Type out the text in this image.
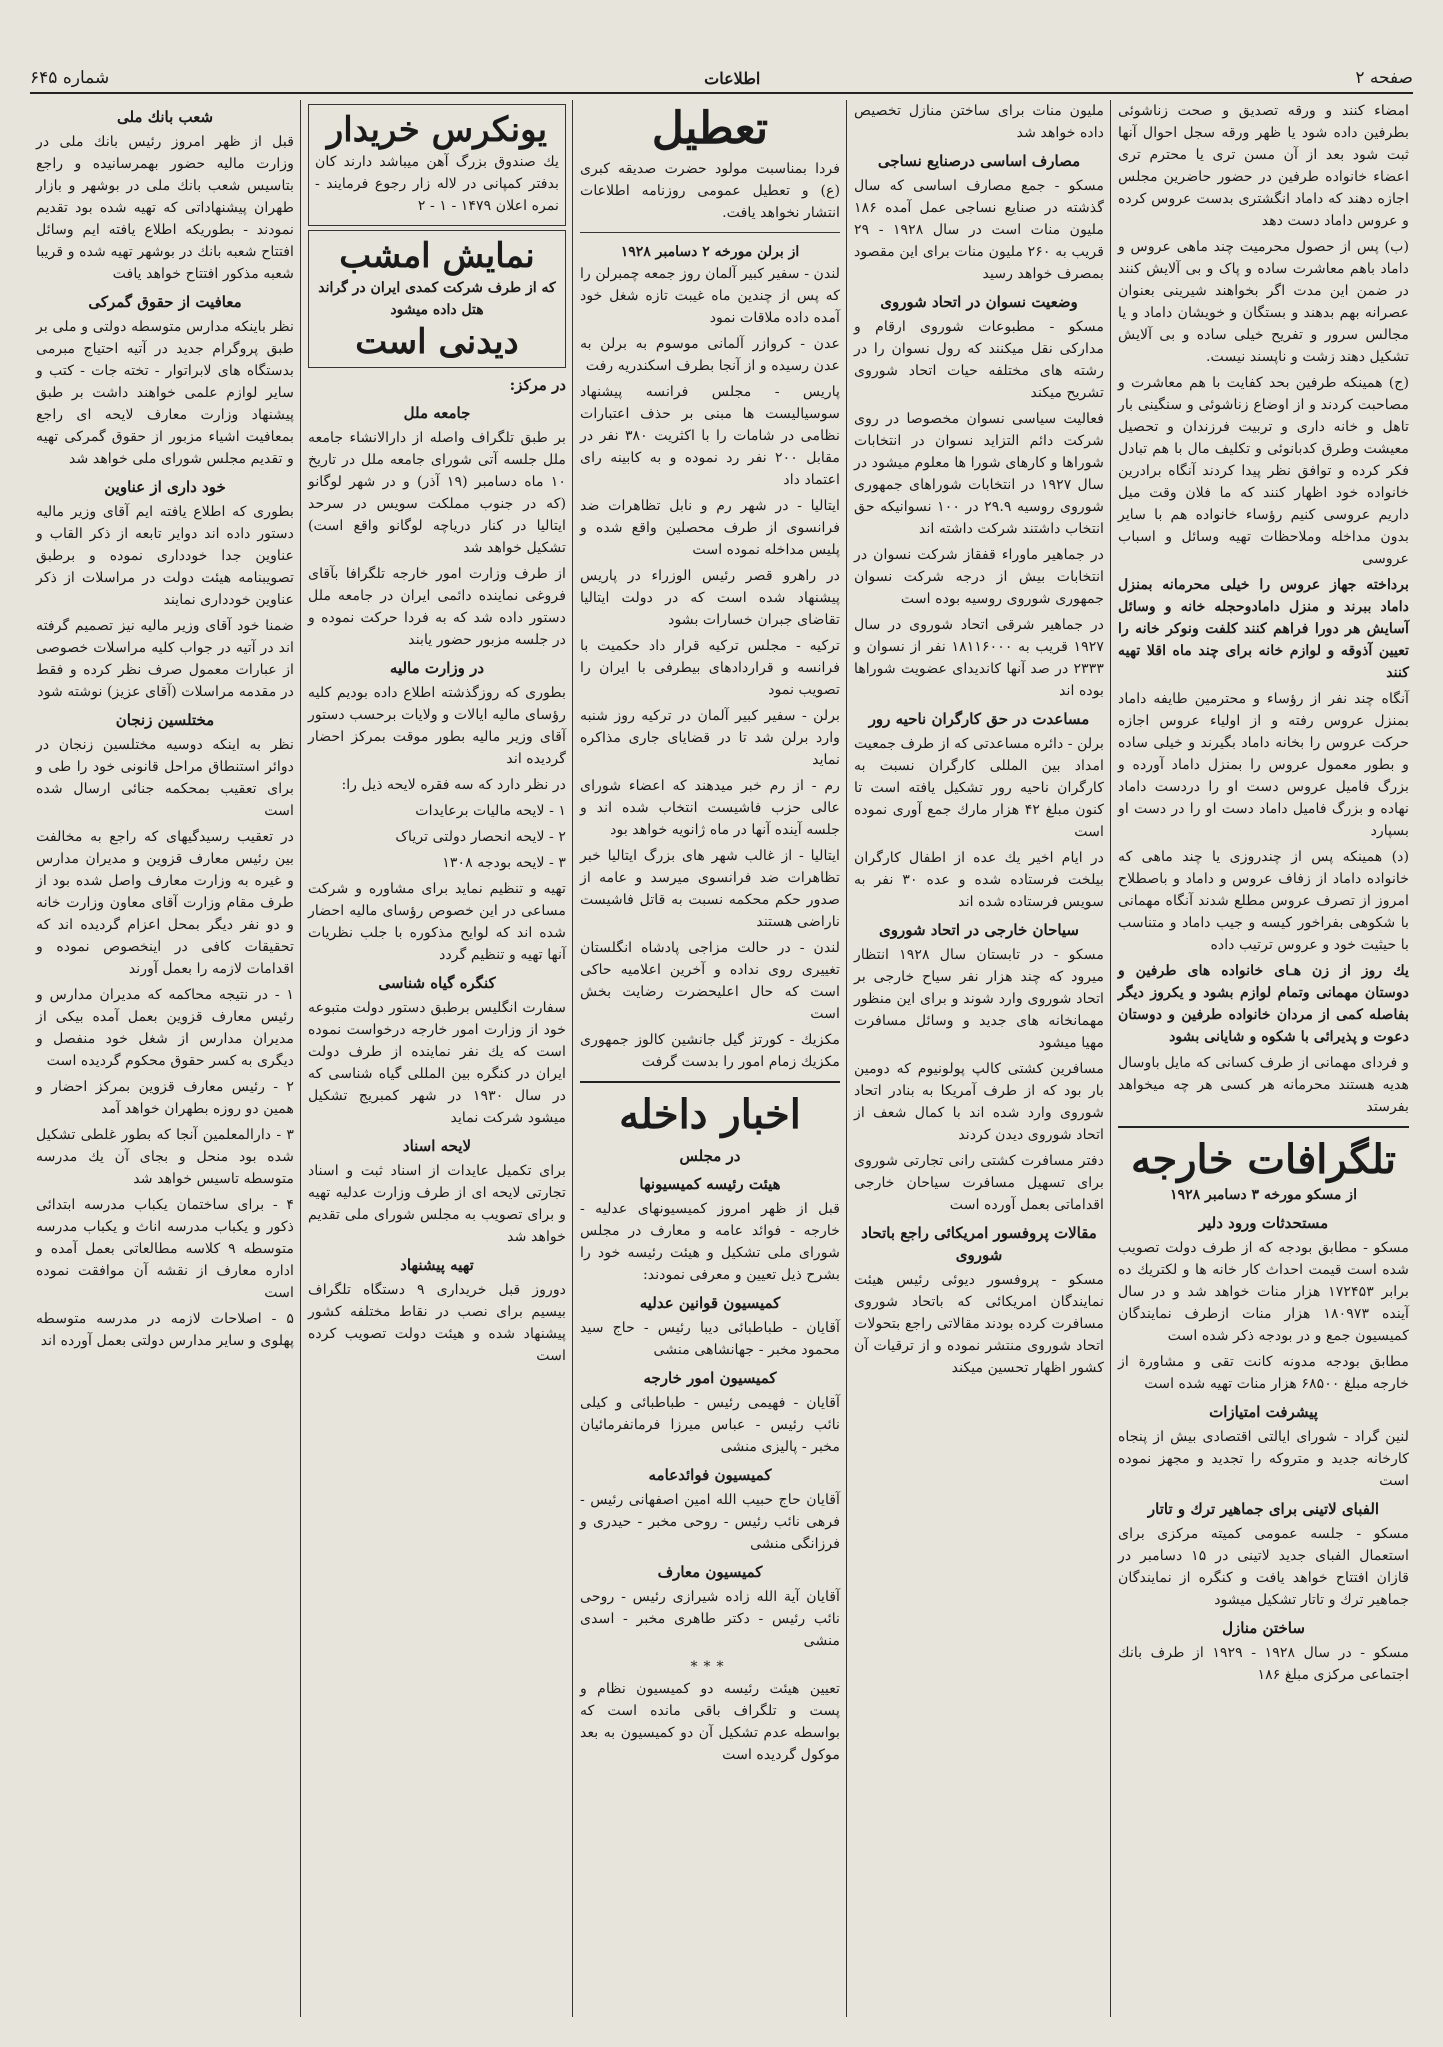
صفحه ۲
اطلاعات
شماره ۶۴۵

امضاء کنند و ورقه تصدیق و صحت زناشوئی بطرفین داده شود یا ظهر ورقه سجل احوال آنها ثبت شود بعد از آن مسن تری یا محترم تری اعضاء خانواده طرفین در حضور حاضرین مجلس اجازه دهند که داماد انگشتری بدست عروس کرده و عروس داماد دست دهد

(ب) پس از حصول محرمیت چند ماهی عروس و داماد باهم معاشرت ساده و پاک و بی آلایش کنند در ضمن این مدت اگر بخواهند شیرینی بعنوان عصرانه بهم بدهند و بستگان و خویشان داماد و یا مجالس سرور و تفریح خیلی ساده و بی آلایش تشکیل دهند زشت و ناپسند نیست.

(ج) همینکه طرفین بحد کفایت با هم معاشرت و مصاحبت کردند و از اوضاع زناشوئی و سنگینی بار تاهل و خانه داری و تربیت فرزندان و تحصیل معیشت وطرق کدبانوئی و تکلیف مال با هم تبادل فکر کرده و توافق نظر پیدا کردند آنگاه برادرین خانواده خود اظهار کنند که ما فلان وقت میل داریم عروسی کنیم رؤساء خانواده هم با سایر بدون مداخله وملاحظات تهیه وسائل و اسباب عروسی

برداخته جهاز عروس را خیلی محرمانه بمنزل داماد ببرند و منزل دامادوحجله خانه و وسائل آسایش هر دورا فراهم کنند کلفت ونوکر خانه را تعیین آذوقه و لوازم خانه برای چند ماه اقلا تهیه کنند

آنگاه چند نفر از رؤساء و محترمین طایفه داماد بمنزل عروس رفته و از اولیاء عروس اجازه حرکت عروس را بخانه داماد بگیرند و خیلی ساده و بطور معمول عروس را بمنزل داماد آورده و بزرگ فامیل عروس دست او را دردست داماد نهاده و بزرگ فامیل داماد دست او را در دست او بسپارد

(د) همینکه پس از چندروزی یا چند ماهی که خانواده داماد از زفاف عروس و داماد و باصطلاح امروز از تصرف عروس مطلع شدند آنگاه مهمانی با شکوهی بفراخور کیسه و جیب داماد و متناسب با حیثیت خود و عروس ترتیب داده

یك روز از زن هـای خانواده های طرفین و دوستان مهمانی وتمام لوازم بشود و یکروز دیگر بفاصله کمی از مردان خانواده طرفین و دوستان دعوت و پذیرائی با شکوه و شایانی بشود

و فردای مهمانی از طرف کسانی که مایل باوسال هدیه هستند محرمانه هر کسی هر چه میخواهد بفرستد

تلگرافات خارجه
از مسکو مورخه ۳ دسامبر ۱۹۲۸
مستحدثات ورود دلیر

مسکو - مطابق بودجه که از طرف دولت تصویب شده است قیمت احداث کار خانه ها و لکتریك ده برابر ۱۷۲۴۵۳ هزار منات خواهد شد و در سال آینده ۱۸۰۹۷۳ هزار منات ازطرف نمایندگان کمیسیون جمع و در بودجه ذکر شده است

مطابق بودجه مدونه کانت تقی و مشاورة از خارجه مبلغ ۶۸۵۰۰ هزار منات تهیه شده است

پیشرفت امتیازات

لنین گراد - شورای ایالتی اقتصادی بیش از پنجاه کارخانه جدید و متروکه را تجدید و مجهز نموده است

الفبای لاتینی برای جماهیر ترك و تاتار

مسکو - جلسه عمومی کمیته مرکزی برای استعمال الفبای جدید لاتینی در ۱۵ دسامبر در قازان افتتاح خواهد یافت و کنگره از نمایندگان جماهیر ترك و تاتار تشکیل میشود

ساختن منازل

مسکو - در سال ۱۹۲۸ - ۱۹۲۹ از طرف بانك اجتماعی مرکزی مبلغ ۱۸۶

ملیون منات برای ساختن منازل تخصیص داده خواهد شد

مصارف اساسی درصنایع نساجی

مسکو - جمع مصارف اساسی که سال گذشته در صنایع نساجی عمل آمده ۱۸۶ ملیون منات است در سال ۱۹۲۸ - ۲۹ قریب به ۲۶۰ ملیون منات برای این مقصود بمصرف خواهد رسید

وضعیت نسوان در اتحاد شوروی

مسکو - مطبوعات شوروی ارقام و مدارکی نقل میکنند که رول نسوان را در رشته های مختلفه حیات اتحاد شوروی تشریح میکند

فعالیت سیاسی نسوان مخصوصا در روی شرکت دائم التزاید نسوان در انتخابات شوراها و کارهای شورا ها معلوم میشود در سال ۱۹۲۷ در انتخابات شوراهای جمهوری شوروی روسیه ۲۹.۹ در ۱۰۰ نسوانیکه حق انتخاب داشتند شرکت داشته اند

در جماهیر ماوراء قفقاز شرکت نسوان در انتخابات بیش از درجه شرکت نسوان جمهوری شوروی روسیه بوده است

در جماهیر شرقی اتحاد شوروی در سال ۱۹۲۷ قریب به ۱۸۱۱۶۰۰۰ نفر از نسوان و ۲۳۳۳ در صد آنها کاندیدای عضویت شوراها بوده اند

مساعدت در حق کارگران ناحیه رور

برلن - دائره مساعدتی که از طرف جمعیت امداد بین المللی کارگران نسبت به کارگران ناحیه رور تشکیل یافته است تا کنون مبلغ ۴۲ هزار مارك جمع آوری نموده است

در ایام اخیر یك عده از اطفال کارگران بیلخت فرستاده شده و عده ۳۰ نفر به سویس فرستاده شده اند

سیاحان خارجی در اتحاد شوروی

مسکو - در تابستان سال ۱۹۲۸ انتظار میرود که چند هزار نفر سیاح خارجی بر اتحاد شوروی وارد شوند و برای این منظور مهمانخانه های جدید و وسائل مسافرت مهیا میشود

مسافرین کشتی کالپ پولونیوم که دومین بار بود که از طرف آمریکا به بنادر اتحاد شوروی وارد شده اند با کمال شعف از اتحاد شوروی دیدن کردند

دفتر مسافرت کشتی رانی تجارتی شوروی برای تسهیل مسافرت سیاحان خارجی اقداماتی بعمل آورده است

مقالات پروفسور امریکائی راجع باتحاد شوروی

مسکو - پروفسور دیوئی رئیس هیئت نمایندگان امریکائی که باتحاد شوروی مسافرت کرده بودند مقالاتی راجع بتحولات اتحاد شوروی منتشر نموده و از ترقیات آن کشور اظهار تحسین میکند

تعطیل

فردا بمناسبت مولود حضرت صدیقه کبری (ع) و تعطیل عمومی روزنامه اطلاعات انتشار نخواهد یافت.

از برلن مورخه ۲ دسامبر ۱۹۲۸

لندن - سفیر کبیر آلمان روز جمعه چمبرلن را که پس از چندین ماه غیبت تازه شغل خود آمده داده ملاقات نمود

عدن - کروازر آلمانی موسوم به برلن به عدن رسیده و از آنجا بطرف اسکندریه رفت

پاریس - مجلس فرانسه پیشنهاد سوسیالیست ها مبنی بر حذف اعتبارات نظامی در شامات را با اکثریت ۳۸۰ نفر در مقابل ۲۰۰ نفر رد نموده و به کابینه رای اعتماد داد

ایتالیا - در شهر رم و نابل تظاهرات ضد فرانسوی از طرف محصلین واقع شده و پلیس مداخله نموده است

در راهرو قصر رئیس الوزراء در پاریس پیشنهاد شده است که در دولت ایتالیا تقاضای جبران خسارات بشود

ترکیه - مجلس ترکیه قرار داد حکمیت با فرانسه و قراردادهای بیطرفی با ایران را تصویب نمود

برلن - سفیر کبیر آلمان در ترکیه روز شنبه وارد برلن شد تا در قضایای جاری مذاکره نماید

رم - از رم خبر میدهند که اعضاء شورای عالی حزب فاشیست انتخاب شده اند و جلسه آینده آنها در ماه ژانویه خواهد بود

ایتالیا - از غالب شهر های بزرگ ایتالیا خبر تظاهرات ضد فرانسوی میرسد و عامه از صدور حکم محکمه نسبت به قاتل فاشیست ناراضی هستند

لندن - در حالت مزاجی پادشاه انگلستان تغییری روی نداده و آخرین اعلامیه حاکی است که حال اعلیحضرت رضایت بخش است

مکزیك - کورتز گیل جانشین کالوز جمهوری مکزیك زمام امور را بدست گرفت

اخبار داخله
در مجلس
هیئت رئیسه کمیسیونها

قبل از ظهر امروز کمیسیونهای عدلیه - خارجه - فوائد عامه و معارف در مجلس شورای ملی تشکیل و هیئت رئیسه خود را بشرح ذیل تعیین و معرفی نمودند:

کمیسیون قوانین عدلیه

آقایان - طباطبائی دیبا رئیس - حاج سید محمود مخبر - جهانشاهی منشی

کمیسیون امور خارجه

آقایان - فهیمی رئیس - طباطبائی و کیلی نائب رئیس - عباس میرزا فرمانفرمائیان مخبر - پالیزی منشی

کمیسیون فوائدعامه

آقایان حاج حبیب الله امین اصفهانی رئیس - فرهی نائب رئیس - روحی مخبر - حیدری و فرزانگی منشی

کمیسیون معارف

آقایان آیة الله زاده شیرازی رئیس - روحی نائب رئیس - دکتر طاهری مخبر - اسدی منشی

***

تعیین هیئت رئیسه دو کمیسیون نظام و پست و تلگراف باقی مانده است که بواسطه عدم تشکیل آن دو کمیسیون به بعد موکول گردیده است

یونکرس خریدار

یك صندوق بزرگ آهن میباشد دارند کان بدفتر کمپانی در لاله زار رجوع فرمایند - نمره اعلان ۱۴۷۹ - ۱ - ۲

نمایش امشب
که از طرف شرکت کمدی ایران در گراند هتل داده میشود
دیدنی است
در مرکز:
جامعه ملل

بر طبق تلگراف واصله از دارالانشاء جامعه ملل جلسه آتی شورای جامعه ملل در تاریخ ۱۰ ماه دسامبر (۱۹ آذر) و در شهر لوگانو (که در جنوب مملکت سویس در سرحد ایتالیا در کنار دریاچه لوگانو واقع است) تشکیل خواهد شد

از طرف وزارت امور خارجه تلگرافا بآقای فروغی نماینده دائمی ایران در جامعه ملل دستور داده شد که به فردا حرکت نموده و در جلسه مزبور حضور یابند

در وزارت مالیه

بطوری که روزگذشته اطلاع داده بودیم کلیه رؤسای مالیه ایالات و ولایات برحسب دستور آقای وزیر مالیه بطور موقت بمرکز احضار گردیده اند

در نظر دارد که سه فقره لایحه ذیل را:

۱ - لایحه مالیات برعایدات

۲ - لایحه انحصار دولتی تریاک

۳ - لایحه بودجه ۱۳۰۸

تهیه و تنظیم نماید برای مشاوره و شرکت مساعی در این خصوص رؤسای مالیه احضار شده اند که لوایح مذکوره با جلب نظریات آنها تهیه و تنظیم گردد

کنگره گیاه شناسی

سفارت انگلیس برطبق دستور دولت متبوعه خود از وزارت امور خارجه درخواست نموده است که یك نفر نماینده از طرف دولت ایران در کنگره بین المللی گیاه شناسی که در سال ۱۹۳۰ در شهر کمبریج تشکیل میشود شرکت نماید

لایحه اسناد

برای تکمیل عایدات از اسناد ثبت و اسناد تجارتی لایحه ای از طرف وزارت عدلیه تهیه و برای تصویب به مجلس شورای ملی تقدیم خواهد شد

تهیه پیشنهاد

دوروز قبل خریداری ۹ دستگاه تلگراف بیسیم برای نصب در نقاط مختلفه کشور پیشنهاد شده و هیئت دولت تصویب کرده است

شعب بانك ملی

قبل از ظهر امروز رئیس بانك ملی در وزارت مالیه حضور بهمرسانیده و راجع بتاسیس شعب بانك ملی در بوشهر و بازار طهران پیشنهاداتی که تهیه شده بود تقدیم نمودند - بطوریکه اطلاع یافته ایم وسائل افتتاح شعبه بانك در بوشهر تهیه شده و قریبا شعبه مذکور افتتاح خواهد یافت

معافیت از حقوق گمرکی

نظر باینکه مدارس متوسطه دولتی و ملی بر طبق پروگرام جدید در آتیه احتیاج مبرمی بدستگاه های لابراتوار - تخته جات - کتب و سایر لوازم علمی خواهند داشت بر طبق پیشنهاد وزارت معارف لایحه ای راجع بمعافیت اشیاء مزبور از حقوق گمرکی تهیه و تقدیم مجلس شورای ملی خواهد شد

خود داری از عناوین

بطوری که اطلاع یافته ایم آقای وزیر مالیه دستور داده اند دوایر تابعه از ذکر القاب و عناوین جدا خودداری نموده و برطبق تصویبنامه هیئت دولت در مراسلات از ذکر عناوین خودداری نمایند

ضمنا خود آقای وزیر مالیه نیز تصمیم گرفته اند در آتیه در جواب کلیه مراسلات خصوصی از عبارات معمول صرف نظر کرده و فقط در مقدمه مراسلات (آقای عزیز) نوشته شود

مختلسین زنجان

نظر به اینکه دوسیه مختلسین زنجان در دوائر استنطاق مراحل قانونی خود را طی و برای تعقیب بمحکمه جنائی ارسال شده است

در تعقیب رسیدگیهای که راجع به مخالفت بین رئیس معارف قزوین و مدیران مدارس و غیره به وزارت معارف واصل شده بود از طرف مقام وزارت آقای معاون وزارت خانه و دو نفر دیگر بمحل اعزام گردیده اند که تحقیقات کافی در اینخصوص نموده و اقدامات لازمه را بعمل آورند

۱ - در نتیجه محاکمه که مدیران مدارس و رئیس معارف قزوین بعمل آمده بیکی از مدیران مدارس از شغل خود منفصل و دیگری به کسر حقوق محکوم گردیده است

۲ - رئیس معارف قزوین بمرکز احضار و همین دو روزه بطهران خواهد آمد

۳ - دارالمعلمین آنجا که بطور غلطی تشکیل شده بود منحل و بجای آن یك مدرسه متوسطه تاسیس خواهد شد

۴ - برای ساختمان یکباب مدرسه ابتدائی ذکور و یکباب مدرسه اناث و یکباب مدرسه متوسطه ۹ کلاسه مطالعاتی بعمل آمده و اداره معارف از نقشه آن موافقت نموده است

۵ - اصلاحات لازمه در مدرسه متوسطه پهلوی و سایر مدارس دولتی بعمل آورده اند
